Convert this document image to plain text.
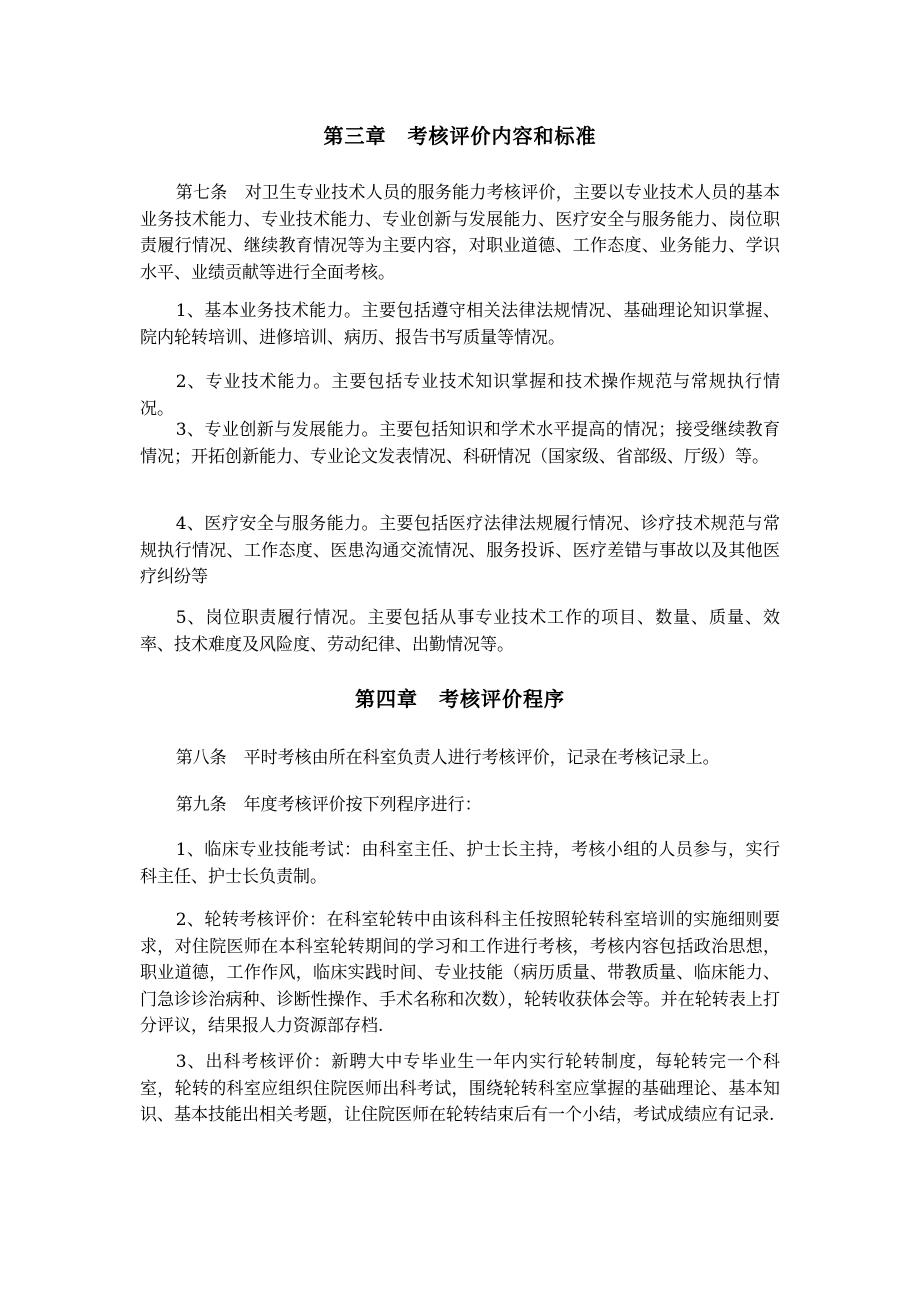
第三章　考核评价内容和标准

第七条　对卫生专业技术人员的服务能力考核评价，主要以专业技术人员的基本业务技术能力、专业技术能力、专业创新与发展能力、医疗安全与服务能力、岗位职责履行情况、继续教育情况等为主要内容，对职业道德、工作态度、业务能力、学识水平、业绩贡献等进行全面考核。

1、基本业务技术能力。主要包括遵守相关法律法规情况、基础理论知识掌握、院内轮转培训、进修培训、病历、报告书写质量等情况。

2、专业技术能力。主要包括专业技术知识掌握和技术操作规范与常规执行情况。

3、专业创新与发展能力。主要包括知识和学术水平提高的情况；接受继续教育情况；开拓创新能力、专业论文发表情况、科研情况（国家级、省部级、厅级）等。

4、医疗安全与服务能力。主要包括医疗法律法规履行情况、诊疗技术规范与常规执行情况、工作态度、医患沟通交流情况、服务投诉、医疗差错与事故以及其他医疗纠纷等

5、岗位职责履行情况。主要包括从事专业技术工作的项目、数量、质量、效率、技术难度及风险度、劳动纪律、出勤情况等。

第四章　考核评价程序

第八条　平时考核由所在科室负责人进行考核评价，记录在考核记录上。

第九条　年度考核评价按下列程序进行：

1、临床专业技能考试：由科室主任、护士长主持，考核小组的人员参与，实行科主任、护士长负责制。

2、轮转考核评价：在科室轮转中由该科科主任按照轮转科室培训的实施细则要求，对住院医师在本科室轮转期间的学习和工作进行考核，考核内容包括政治思想，职业道德，工作作风，临床实践时间、专业技能（病历质量、带教质量、临床能力、门急诊诊治病种、诊断性操作、手术名称和次数），轮转收获体会等。并在轮转表上打分评议，结果报人力资源部存档.

3、出科考核评价：新聘大中专毕业生一年内实行轮转制度，每轮转完一个科室，轮转的科室应组织住院医师出科考试，围绕轮转科室应掌握的基础理论、基本知识、基本技能出相关考题，让住院医师在轮转结束后有一个小结，考试成绩应有记录.
